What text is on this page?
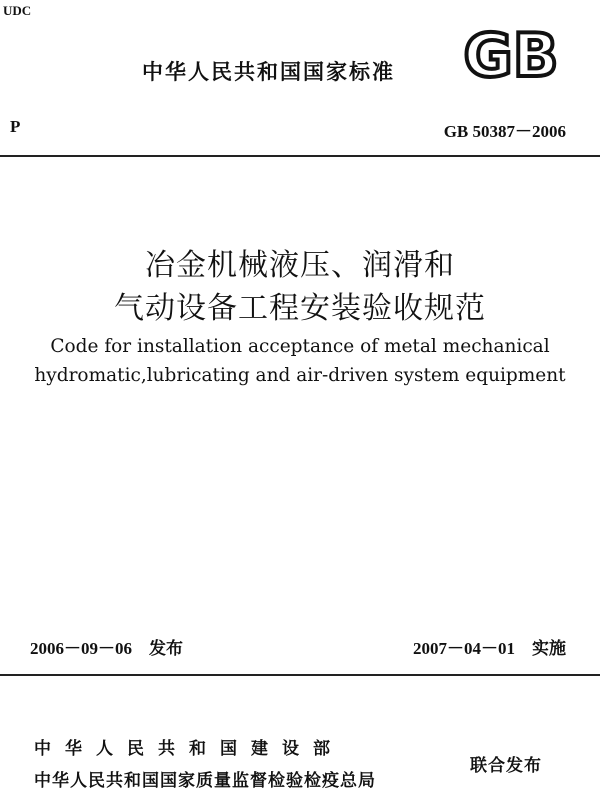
UDC
中华人民共和国国家标准 GB
P	GB 50387－2006
冶金机械液压、润滑和
气动设备工程安装验收规范
Code for installation acceptance of metal mechanical
hydromatic,lubricating and air-driven system equipment
2006－09－06　发布	2007－04－01　实施
中华人民共和国建设部
中华人民共和国国家质量监督检验检疫总局
联合发布
